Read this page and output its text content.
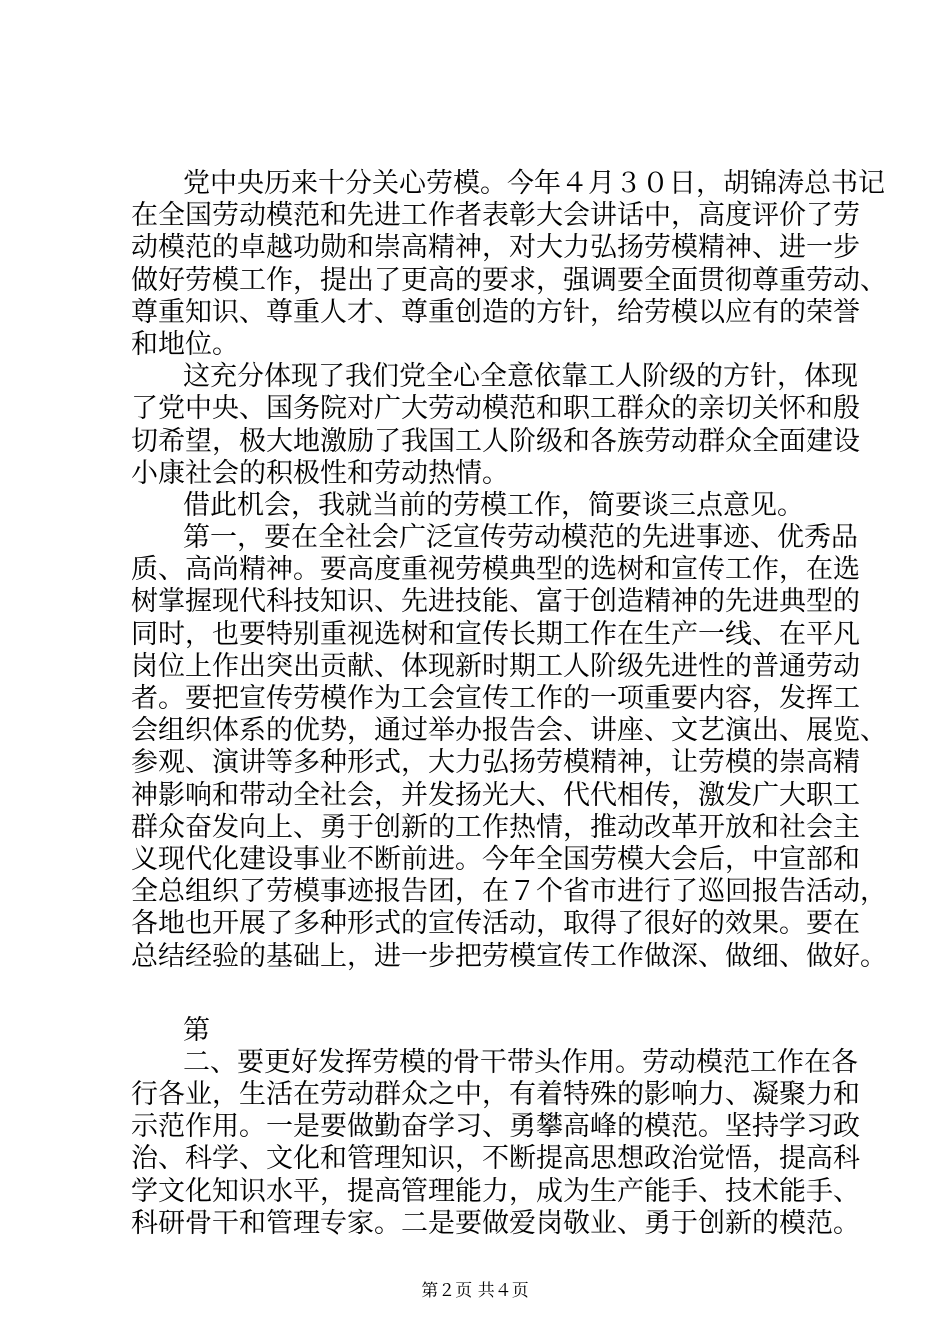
党中央历来十分关心劳模。今年４月３０日，胡锦涛总书记
在全国劳动模范和先进工作者表彰大会讲话中，高度评价了劳
动模范的卓越功勋和崇高精神，对大力弘扬劳模精神、进一步
做好劳模工作，提出了更高的要求，强调要全面贯彻尊重劳动、
尊重知识、尊重人才、尊重创造的方针，给劳模以应有的荣誉
和地位。
这充分体现了我们党全心全意依靠工人阶级的方针，体现
了党中央、国务院对广大劳动模范和职工群众的亲切关怀和殷
切希望，极大地激励了我国工人阶级和各族劳动群众全面建设
小康社会的积极性和劳动热情。
借此机会，我就当前的劳模工作，简要谈三点意见。
第一，要在全社会广泛宣传劳动模范的先进事迹、优秀品
质、高尚精神。要高度重视劳模典型的选树和宣传工作，在选
树掌握现代科技知识、先进技能、富于创造精神的先进典型的
同时，也要特别重视选树和宣传长期工作在生产一线、在平凡
岗位上作出突出贡献、体现新时期工人阶级先进性的普通劳动
者。要把宣传劳模作为工会宣传工作的一项重要内容，发挥工
会组织体系的优势，通过举办报告会、讲座、文艺演出、展览、
参观、演讲等多种形式，大力弘扬劳模精神，让劳模的崇高精
神影响和带动全社会，并发扬光大、代代相传，激发广大职工
群众奋发向上、勇于创新的工作热情，推动改革开放和社会主
义现代化建设事业不断前进。今年全国劳模大会后，中宣部和
全总组织了劳模事迹报告团，在７个省市进行了巡回报告活动，
各地也开展了多种形式的宣传活动，取得了很好的效果。要在
总结经验的基础上，进一步把劳模宣传工作做深、做细、做好。
第
二、要更好发挥劳模的骨干带头作用。劳动模范工作在各
行各业，生活在劳动群众之中，有着特殊的影响力、凝聚力和
示范作用。一是要做勤奋学习、勇攀高峰的模范。坚持学习政
治、科学、文化和管理知识，不断提高思想政治觉悟，提高科
学文化知识水平，提高管理能力，成为生产能手、技术能手、
科研骨干和管理专家。二是要做爱岗敬业、勇于创新的模范。
第２页 共４页
